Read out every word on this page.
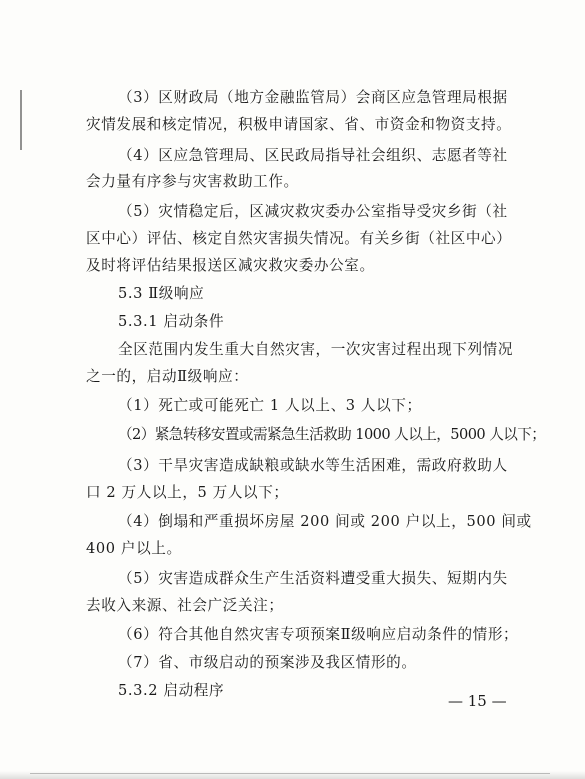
（3）区财政局（地方金融监管局）会商区应急管理局根据
灾情发展和核定情况，积极申请国家、省、市资金和物资支持。
（4）区应急管理局、区民政局指导社会组织、志愿者等社
会力量有序参与灾害救助工作。
（5）灾情稳定后，区减灾救灾委办公室指导受灾乡街（社
区中心）评估、核定自然灾害损失情况。有关乡街（社区中心）
及时将评估结果报送区减灾救灾委办公室。
5.3 Ⅱ级响应
5.3.1 启动条件
全区范围内发生重大自然灾害，一次灾害过程出现下列情况
之一的，启动Ⅱ级响应：
（1）死亡或可能死亡 1 人以上、3 人以下；
（2）紧急转移安置或需紧急生活救助 1000 人以上，5000 人以下；
（3）干旱灾害造成缺粮或缺水等生活困难，需政府救助人
口 2 万人以上，5 万人以下；
（4）倒塌和严重损坏房屋 200 间或 200 户以上，500 间或
400 户以上。
（5）灾害造成群众生产生活资料遭受重大损失、短期内失
去收入来源、社会广泛关注；
（6）符合其他自然灾害专项预案Ⅱ级响应启动条件的情形；
（7）省、市级启动的预案涉及我区情形的。
5.3.2 启动程序
— 15 —
